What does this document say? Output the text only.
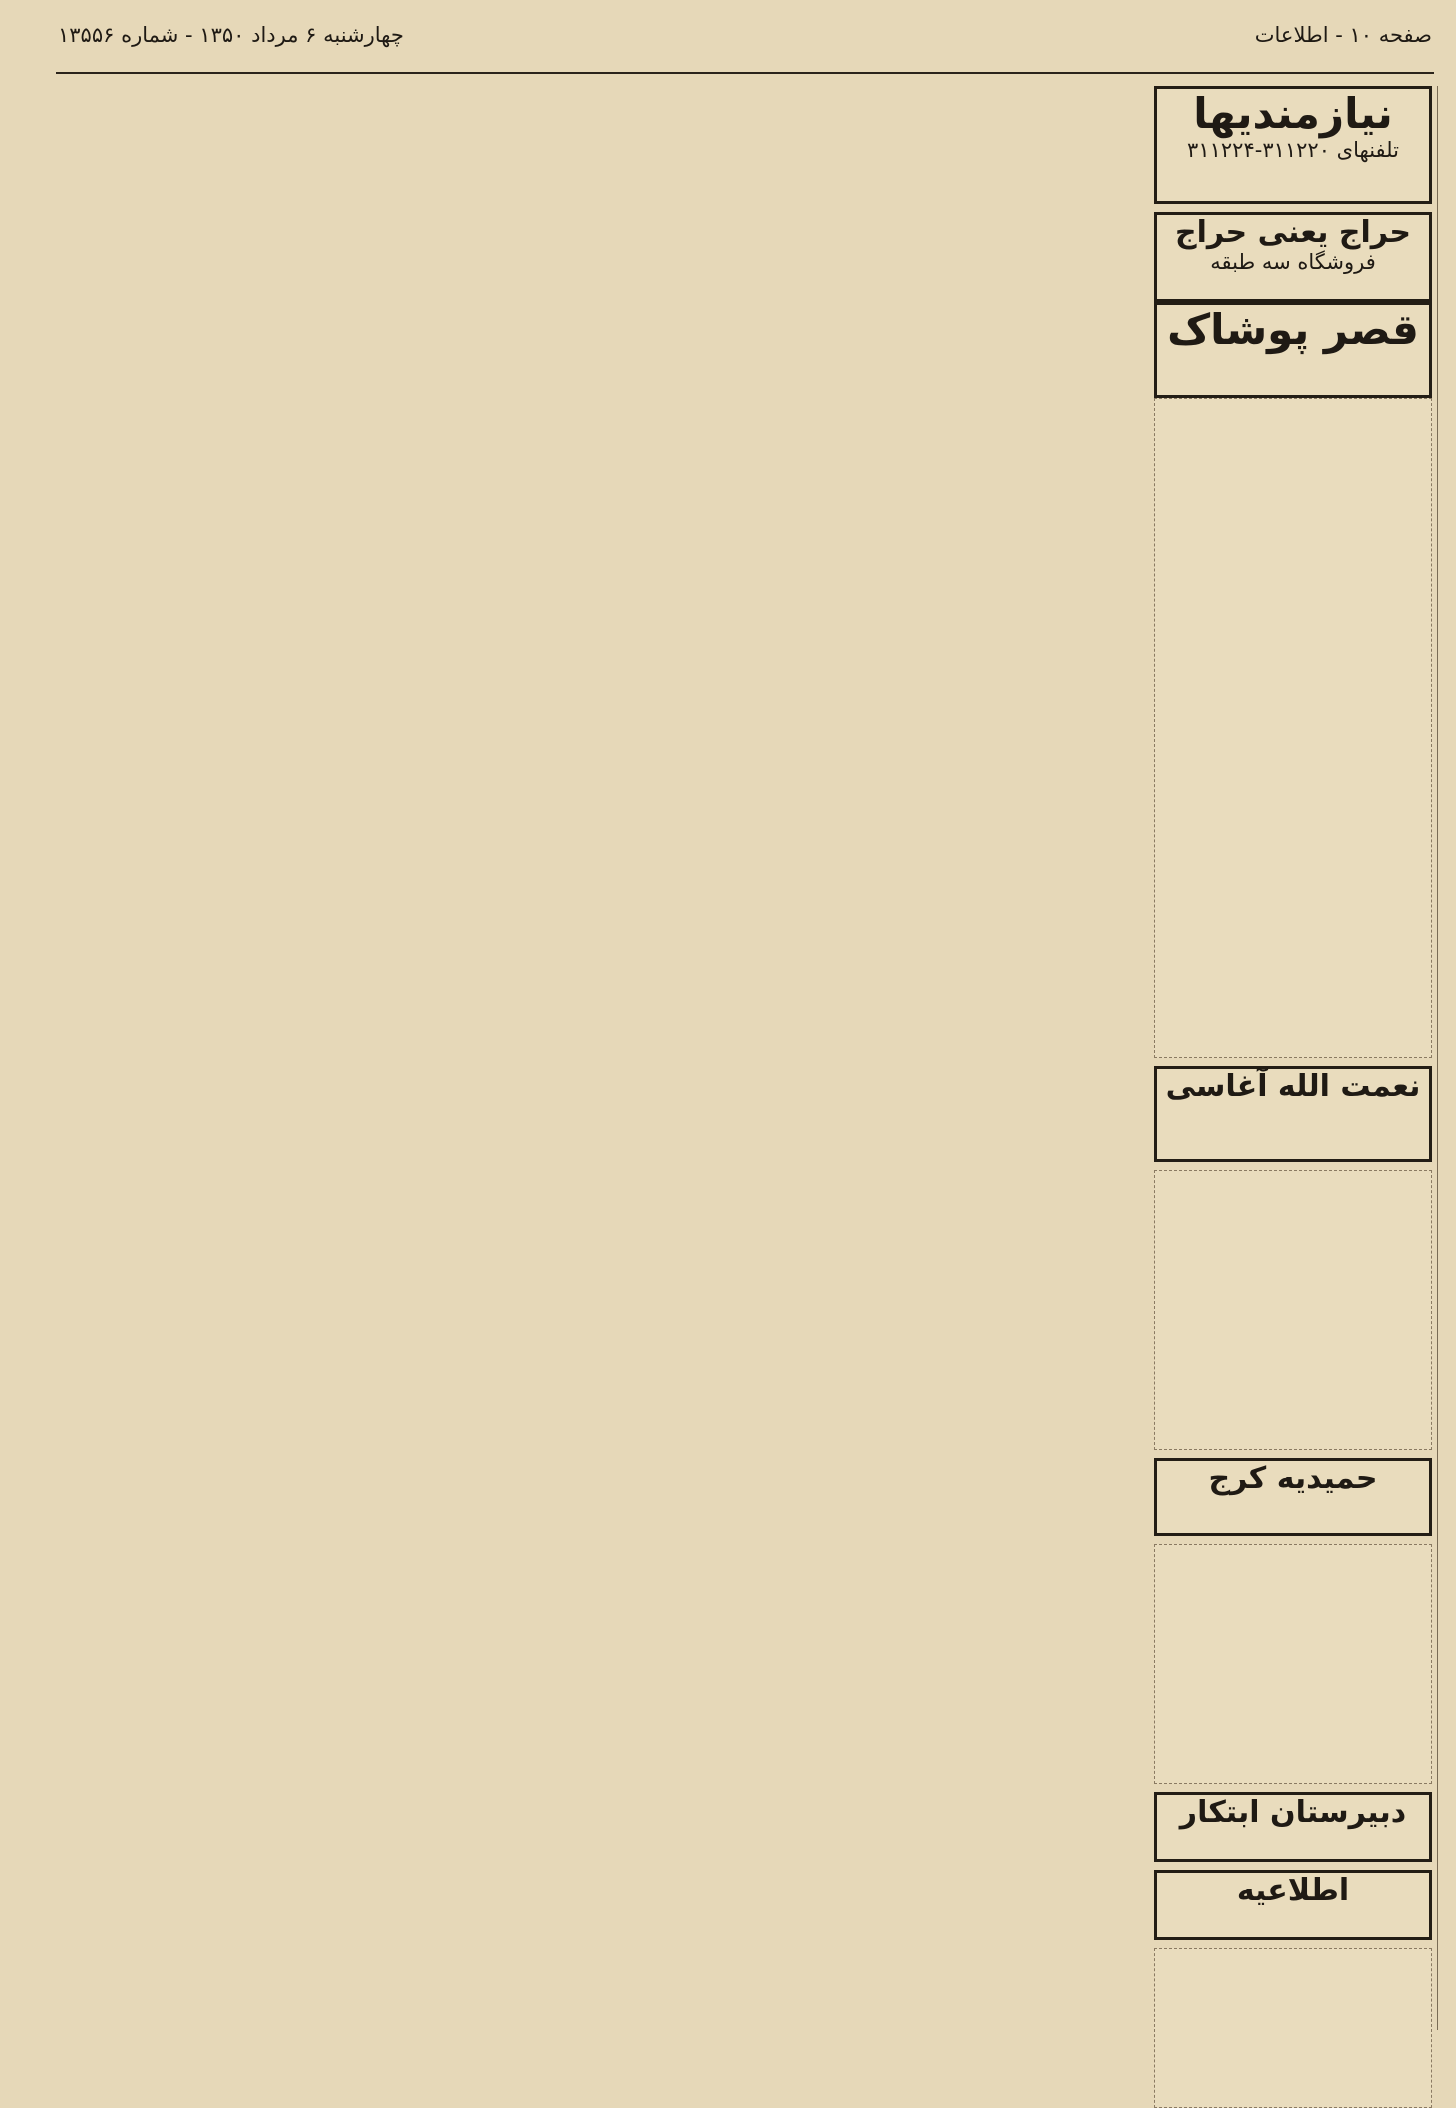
صفحه ۱۰ - اطلاعات
چهارشنبه ۶ مرداد ۱۳۵۰ - شماره ۱۳۵۵۶
نیازمندیها
تلفنهای ۳۱۱۲۲۰-۳۱۱۲۲۴
حراج یعنی حراج
فروشگاه سه طبقه
قصر پوشاک
نعمت الله آغاسی
حمیدیه کرج
دبیرستان ابتکار
اطلاعیه
